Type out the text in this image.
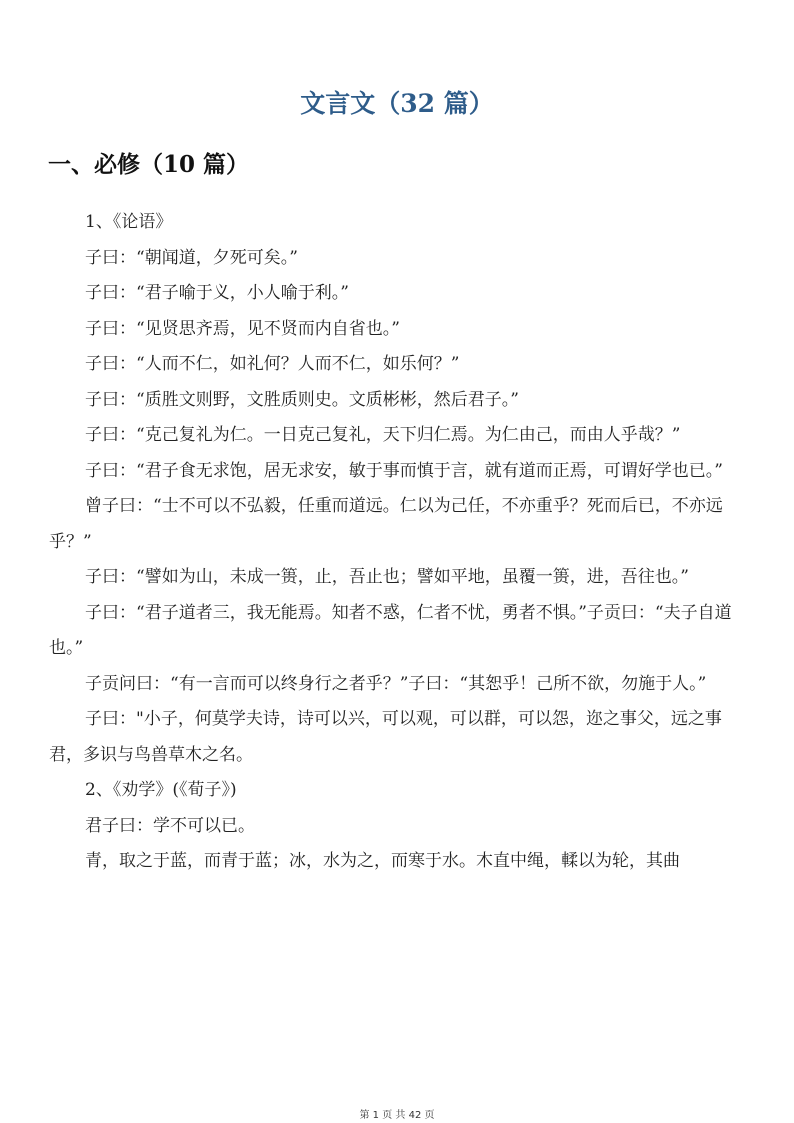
文言文（32 篇）
一、必修（10 篇）

1、《论语》

子曰：“朝闻道，夕死可矣。”

子曰：“君子喻于义，小人喻于利。”

子曰：“见贤思齐焉，见不贤而内自省也。”

子曰：“人而不仁，如礼何？人而不仁，如乐何？”

子曰：“质胜文则野，文胜质则史。文质彬彬，然后君子。”

子曰：“克己复礼为仁。一日克己复礼，天下归仁焉。为仁由己，而由人乎哉？”

子曰：“君子食无求饱，居无求安，敏于事而慎于言，就有道而正焉，可谓好学也已。”

曾子曰：“士不可以不弘毅，任重而道远。仁以为己任，不亦重乎？死而后已，不亦远乎？”

子曰：“譬如为山，未成一篑，止，吾止也；譬如平地，虽覆一篑，进，吾往也。”

子曰：“君子道者三，我无能焉。知者不惑，仁者不忧，勇者不惧。”子贡曰：“夫子自道也。”

子贡问曰：“有一言而可以终身行之者乎？”子曰：“其恕乎！己所不欲，勿施于人。”

子曰："小子，何莫学夫诗，诗可以兴，可以观，可以群，可以怨，迩之事父，远之事君，多识与鸟兽草木之名。

2、《劝学》(《荀子》)

君子曰：学不可以已。

青，取之于蓝，而青于蓝；冰，水为之，而寒于水。木直中绳，輮以为轮，其曲

第 1 页 共 42 页
